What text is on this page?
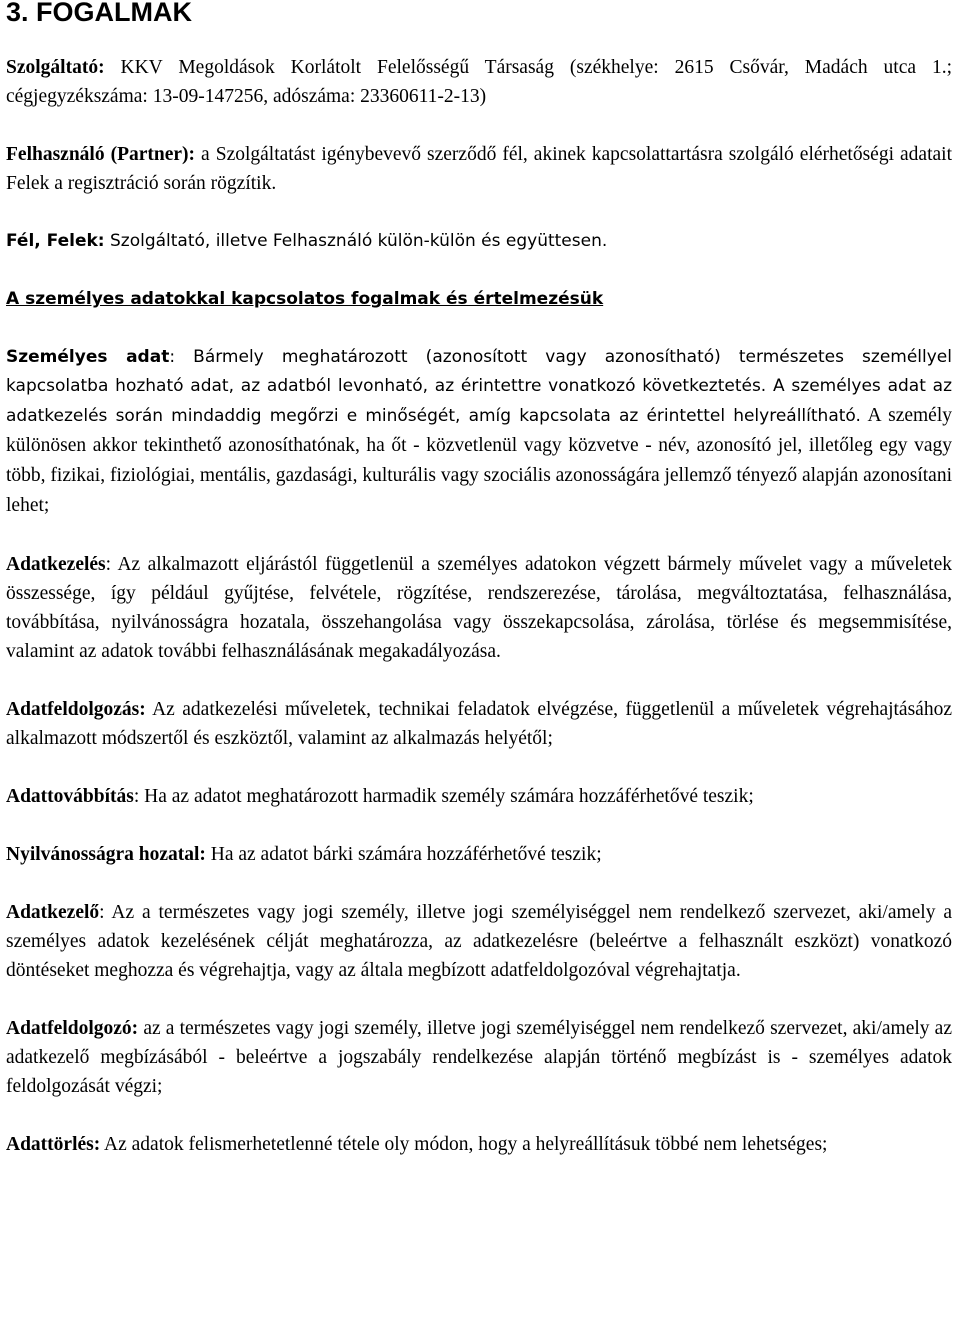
3. FOGALMAK

Szolgáltató: KKV Megoldások Korlátolt Felelősségű Társaság (székhelye: 2615 Csővár, Madách utca 1.; cégjegyzékszáma: 13-09-147256, adószáma: 23360611-2-13)

Felhasználó (Partner): a Szolgáltatást igénybevevő szerződő fél, akinek kapcsolattartásra szolgáló elérhetőségi adatait Felek a regisztráció során rögzítik.

Fél, Felek: Szolgáltató, illetve Felhasználó külön-külön és együttesen.

A személyes adatokkal kapcsolatos fogalmak és értelmezésük

Személyes adat: Bármely meghatározott (azonosított vagy azonosítható) természetes személlyel kapcsolatba hozható adat, az adatból levonható, az érintettre vonatkozó következtetés. A személyes adat az adatkezelés során mindaddig megőrzi e minőségét, amíg kapcsolata az érintettel helyreállítható. A személy különösen akkor tekinthető azonosíthatónak, ha őt - közvetlenül vagy közvetve - név, azonosító jel, illetőleg egy vagy több, fizikai, fiziológiai, mentális, gazdasági, kulturális vagy szociális azonosságára jellemző tényező alapján azonosítani lehet;

Adatkezelés: Az alkalmazott eljárástól függetlenül a személyes adatokon végzett bármely művelet vagy a műveletek összessége, így például gyűjtése, felvétele, rögzítése, rendszerezése, tárolása, megváltoztatása, felhasználása, továbbítása, nyilvánosságra hozatala, összehangolása vagy összekapcsolása, zárolása, törlése és megsemmisítése, valamint az adatok további felhasználásának megakadályozása.

Adatfeldolgozás: Az adatkezelési műveletek, technikai feladatok elvégzése, függetlenül a műveletek végrehajtásához alkalmazott módszertől és eszköztől, valamint az alkalmazás helyétől;

Adattovábbítás: Ha az adatot meghatározott harmadik személy számára hozzáférhetővé teszik;

Nyilvánosságra hozatal: Ha az adatot bárki számára hozzáférhetővé teszik;

Adatkezelő: Az a természetes vagy jogi személy, illetve jogi személyiséggel nem rendelkező szervezet, aki/amely a személyes adatok kezelésének célját meghatározza, az adatkezelésre (beleértve a felhasznált eszközt) vonatkozó döntéseket meghozza és végrehajtja, vagy az általa megbízott adatfeldolgozóval végrehajtatja.

Adatfeldolgozó: az a természetes vagy jogi személy, illetve jogi személyiséggel nem rendelkező szervezet, aki/amely az adatkezelő megbízásából - beleértve a jogszabály rendelkezése alapján történő megbízást is - személyes adatok feldolgozását végzi;

Adattörlés: Az adatok felismerhetetlenné tétele oly módon, hogy a helyreállításuk többé nem lehetséges;
